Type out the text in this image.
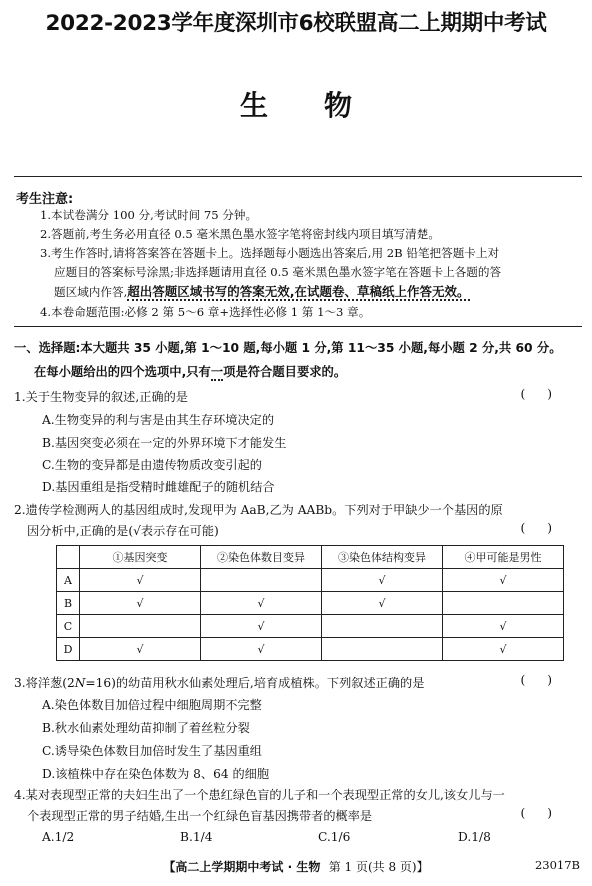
2022-2023学年度深圳市6校联盟高二上期期中考试
生物
考生注意:
1.本试卷满分 100 分,考试时间 75 分钟。
2.答题前,考生务必用直径 0.5 毫米黑色墨水签字笔将密封线内项目填写清楚。
3.考生作答时,请将答案答在答题卡上。选择题每小题选出答案后,用 2B 铅笔把答题卡上对
应题目的答案标号涂黑;非选择题请用直径 0.5 毫米黑色墨水签字笔在答题卡上各题的答
题区域内作答,超出答题区域书写的答案无效,在试题卷、草稿纸上作答无效。
4.本卷命题范围:必修 2 第 5～6 章+选择性必修 1 第 1～3 章。
一、选择题:本大题共 35 小题,第 1～10 题,每小题 1 分,第 11～35 小题,每小题 2 分,共 60 分。
在每小题给出的四个选项中,只有一项是符合题目要求的。
1.关于生物变异的叙述,正确的是	()
A.生物变异的利与害是由其生存环境决定的
B.基因突变必须在一定的外界环境下才能发生
C.生物的变异都是由遗传物质改变引起的
D.基因重组是指受精时雌雄配子的随机结合
2.遗传学检测两人的基因组成时,发现甲为 AaB,乙为 AABb。下列对于甲缺少一个基因的原
因分析中,正确的是(√表示存在可能)	()
	①基因突变	②染色体数目变异	③染色体结构变异	④甲可能是男性
A	√		√	√
B	√	√	√	
C		√		√
D	√	√		√
3.将洋葱(2N=16)的幼苗用秋水仙素处理后,培育成植株。下列叙述正确的是	()
A.染色体数目加倍过程中细胞周期不完整
B.秋水仙素处理幼苗抑制了着丝粒分裂
C.诱导染色体数目加倍时发生了基因重组
D.该植株中存在染色体数为 8、64 的细胞
4.某对表现型正常的夫妇生出了一个患红绿色盲的儿子和一个表现型正常的女儿,该女儿与一
个表现型正常的男子结婚,生出一个红绿色盲基因携带者的概率是	()
A.1/2	B.1/4	C.1/6	D.1/8
【高二上学期期中考试 · 生物 第 1 页(共 8 页)】	23017B
